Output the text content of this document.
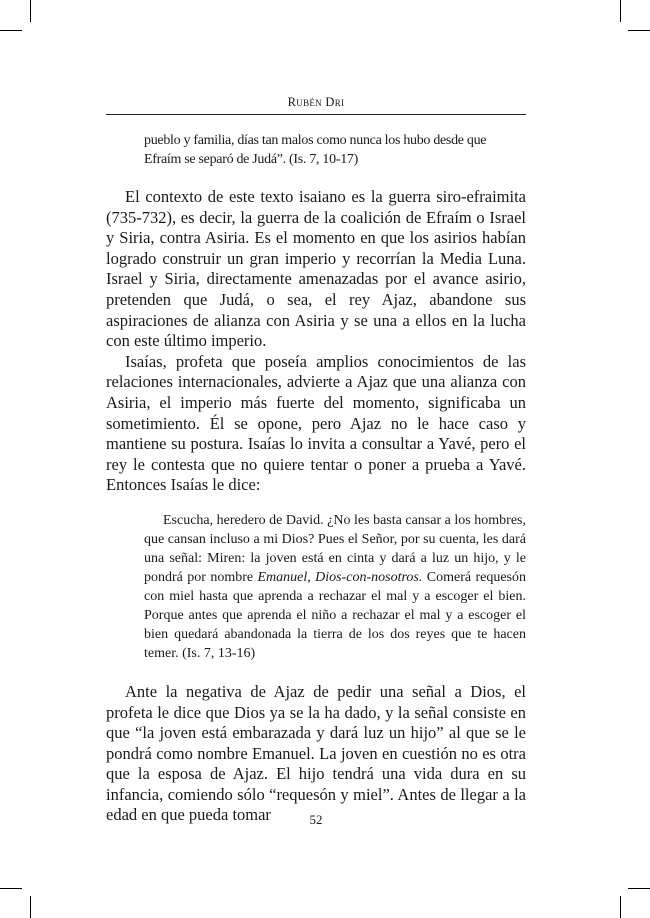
Rubén Dri

pueblo y familia, días tan malos como nunca los hubo desde que Efraím se separó de Judá”. (Is. 7, 10-17)

El contexto de este texto isaiano es la guerra siro-efraimita (735-732), es decir, la guerra de la coalición de Efraím o Israel y Siria, contra Asiria. Es el momento en que los asirios habían logrado construir un gran imperio y recorrían la Media Luna. Israel y Siria, directamente amenazadas por el avance asirio, pretenden que Judá, o sea, el rey Ajaz, abandone sus aspiraciones de alianza con Asiria y se una a ellos en la lucha con este último imperio.

Isaías, profeta que poseía amplios conocimientos de las relaciones internacionales, advierte a Ajaz que una alianza con Asiria, el imperio más fuerte del momento, significaba un sometimiento. Él se opone, pero Ajaz no le hace caso y mantiene su postura. Isaías lo invita a consultar a Yavé, pero el rey le contesta que no quiere tentar o poner a prueba a Yavé. Entonces Isaías le dice:

Escucha, heredero de David. ¿No les basta cansar a los hombres, que cansan incluso a mi Dios? Pues el Señor, por su cuenta, les dará una señal: Miren: la joven está en cinta y dará a luz un hijo, y le pondrá por nombre Emanuel, Dios-con-nosotros. Comerá requesón con miel hasta que aprenda a rechazar el mal y a escoger el bien. Porque antes que aprenda el niño a rechazar el mal y a escoger el bien quedará abandonada la tierra de los dos reyes que te hacen temer. (Is. 7, 13-16)

Ante la negativa de Ajaz de pedir una señal a Dios, el profeta le dice que Dios ya se la ha dado, y la señal consiste en que “la joven está embarazada y dará luz un hijo” al que se le pondrá como nombre Emanuel. La joven en cuestión no es otra que la esposa de Ajaz. El hijo tendrá una vida dura en su infancia, comiendo sólo “requesón y miel”. Antes de llegar a la edad en que pueda tomar	52
